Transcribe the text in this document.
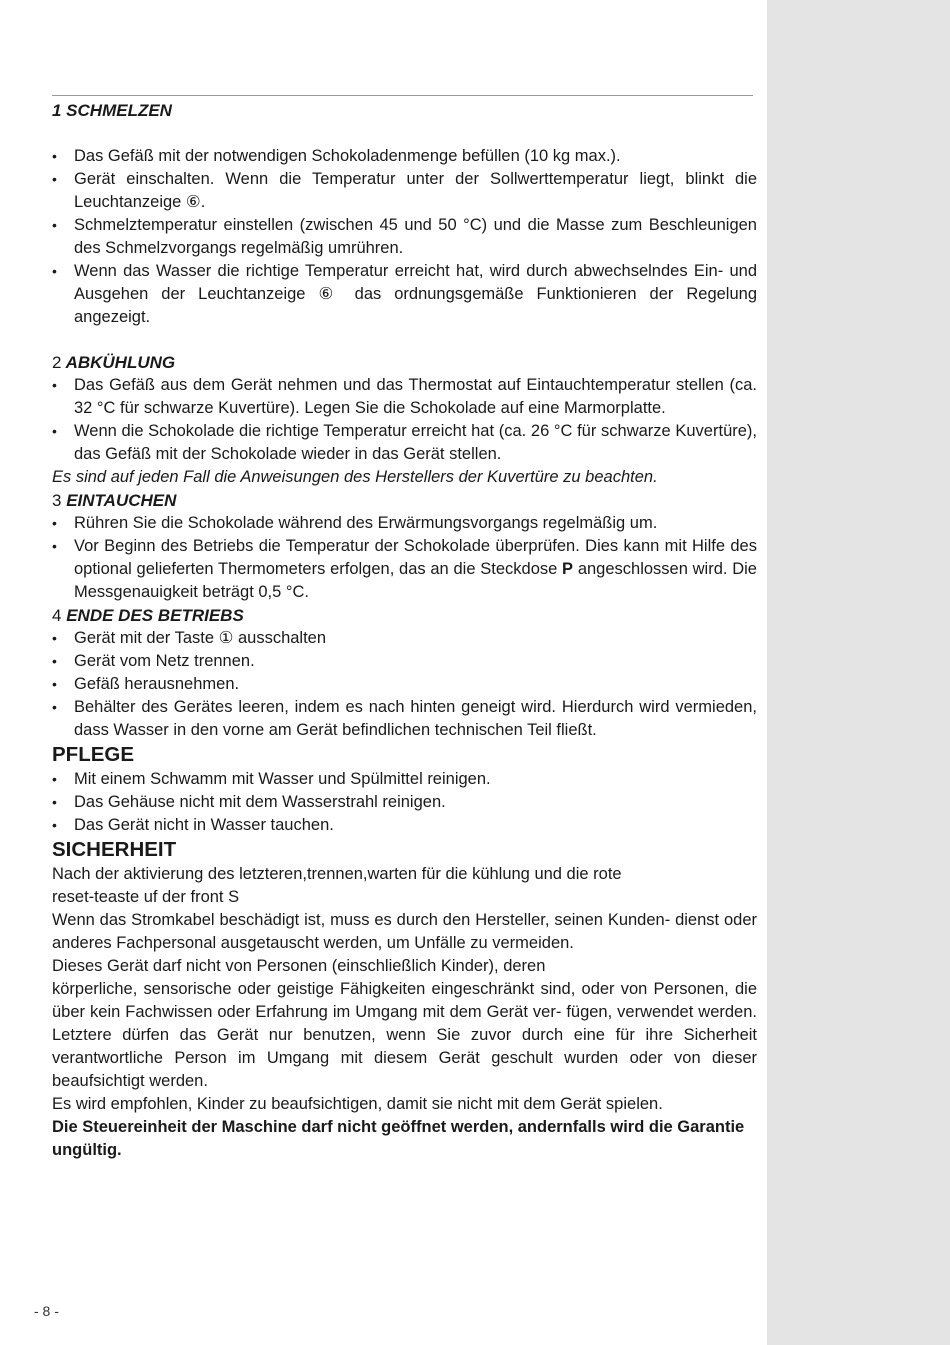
1 SCHMELZEN
• Das Gefäß mit der notwendigen Schokoladenmenge befüllen (10 kg max.).
• Gerät einschalten. Wenn die Temperatur unter der Sollwerttemperatur liegt, blinkt die Leuchtanzeige ⑥.
• Schmelztemperatur einstellen (zwischen 45 und 50 °C) und die Masse zum Beschleunigen des Schmelzvorgangs regelmäßig umrühren.
• Wenn das Wasser die richtige Temperatur erreicht hat, wird durch abwechselndes Ein- und Ausgehen der Leuchtanzeige ⑥ das ordnungsgemäße Funktionieren der Regelung angezeigt.
2 ABKÜHLUNG
• Das Gefäß aus dem Gerät nehmen und das Thermostat auf Eintauchtemperatur stellen (ca. 32 °C für schwarze Kuvertüre). Legen Sie die Schokolade auf eine Marmorplatte.
• Wenn die Schokolade die richtige Temperatur erreicht hat (ca. 26 °C für schwarze Kuvertüre), das Gefäß mit der Schokolade wieder in das Gerät stellen.
Es sind auf jeden Fall die Anweisungen des Herstellers der Kuvertüre zu beachten.
3 EINTAUCHEN
• Rühren Sie die Schokolade während des Erwärmungsvorgangs regelmäßig um.
• Vor Beginn des Betriebs die Temperatur der Schokolade überprüfen. Dies kann mit Hilfe des optional gelieferten Thermometers erfolgen, das an die Steckdose P angeschlossen wird. Die Messgenauigkeit beträgt 0,5 °C.
4 ENDE DES BETRIEBS
• Gerät mit der Taste ① ausschalten
• Gerät vom Netz trennen.
• Gefäß herausnehmen.
• Behälter des Gerätes leeren, indem es nach hinten geneigt wird. Hierdurch wird vermieden, dass Wasser in den vorne am Gerät befindlichen technischen Teil fließt.
PFLEGE
• Mit einem Schwamm mit Wasser und Spülmittel reinigen.
• Das Gehäuse nicht mit dem Wasserstrahl reinigen.
• Das Gerät nicht in Wasser tauchen.
SICHERHEIT
Nach der aktivierung des letzteren,trennen,warten für die kühlung und die rote
reset-teaste uf der front S
Wenn das Stromkabel beschädigt ist, muss es durch den Hersteller, seinen Kunden- dienst oder anderes Fachpersonal ausgetauscht werden, um Unfälle zu vermeiden.
Dieses Gerät darf nicht von Personen (einschließlich Kinder), deren
körperliche, sensorische oder geistige Fähigkeiten eingeschränkt sind, oder von Personen, die über kein Fachwissen oder Erfahrung im Umgang mit dem Gerät ver- fügen, verwendet werden. Letztere dürfen das Gerät nur benutzen, wenn Sie zuvor durch eine für ihre Sicherheit verantwortliche Person im Umgang mit diesem Gerät geschult wurden oder von dieser beaufsichtigt werden.
Es wird empfohlen, Kinder zu beaufsichtigen, damit sie nicht mit dem Gerät spielen.
Die Steuereinheit der Maschine darf nicht geöffnet werden, andernfalls wird die Garantie ungültig.
- 8 -
